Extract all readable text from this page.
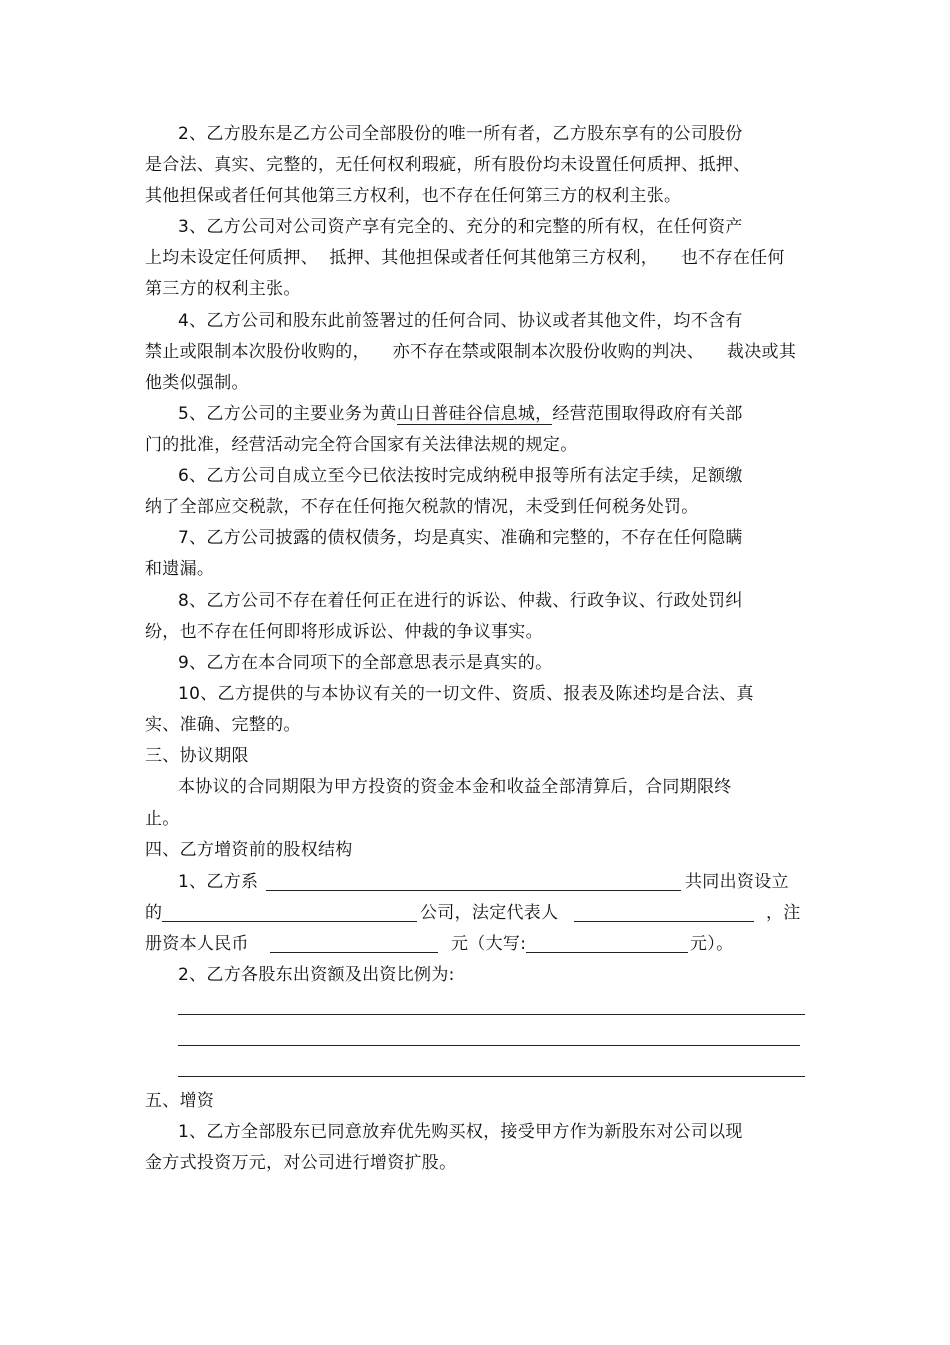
2、乙方股东是乙方公司全部股份的唯一所有者，乙方股东享有的公司股份
是合法、真实、完整的，无任何权利瑕疵，所有股份均未设置任何质押、抵押、
其他担保或者任何其他第三方权利，也不存在任何第三方的权利主张。
3、乙方公司对公司资产享有完全的、充分的和完整的所有权，在任何资产
上均未设定任何质押、  抵押、其他担保或者任何其他第三方权利，    也不存在任何
第三方的权利主张。
4、乙方公司和股东此前签署过的任何合同、协议或者其他文件，均不含有
禁止或限制本次股份收购的，    亦不存在禁或限制本次股份收购的判决、    裁决或其
他类似强制。
5、乙方公司的主要业务为黄山日普硅谷信息城，经营范围取得政府有关部
门的批准，经营活动完全符合国家有关法律法规的规定。
6、乙方公司自成立至今已依法按时完成纳税申报等所有法定手续，足额缴
纳了全部应交税款，不存在任何拖欠税款的情况，未受到任何税务处罚。
7、乙方公司披露的债权债务，均是真实、准确和完整的，不存在任何隐瞒
和遗漏。
8、乙方公司不存在着任何正在进行的诉讼、仲裁、行政争议、行政处罚纠
纷，也不存在任何即将形成诉讼、仲裁的争议事实。
9、乙方在本合同项下的全部意思表示是真实的。
10、乙方提供的与本协议有关的一切文件、资质、报表及陈述均是合法、真
实、准确、完整的。
三、协议期限
本协议的合同期限为甲方投资的资金本金和收益全部清算后，合同期限终
止。
四、乙方增资前的股权结构
1、乙方系	共同出资设立
的	公司，法定代表人	，注
册资本人民币	元（大写:	元）。
2、乙方各股东出资额及出资比例为:
五、增资
1、乙方全部股东已同意放弃优先购买权，接受甲方作为新股东对公司以现
金方式投资万元，对公司进行增资扩股。
